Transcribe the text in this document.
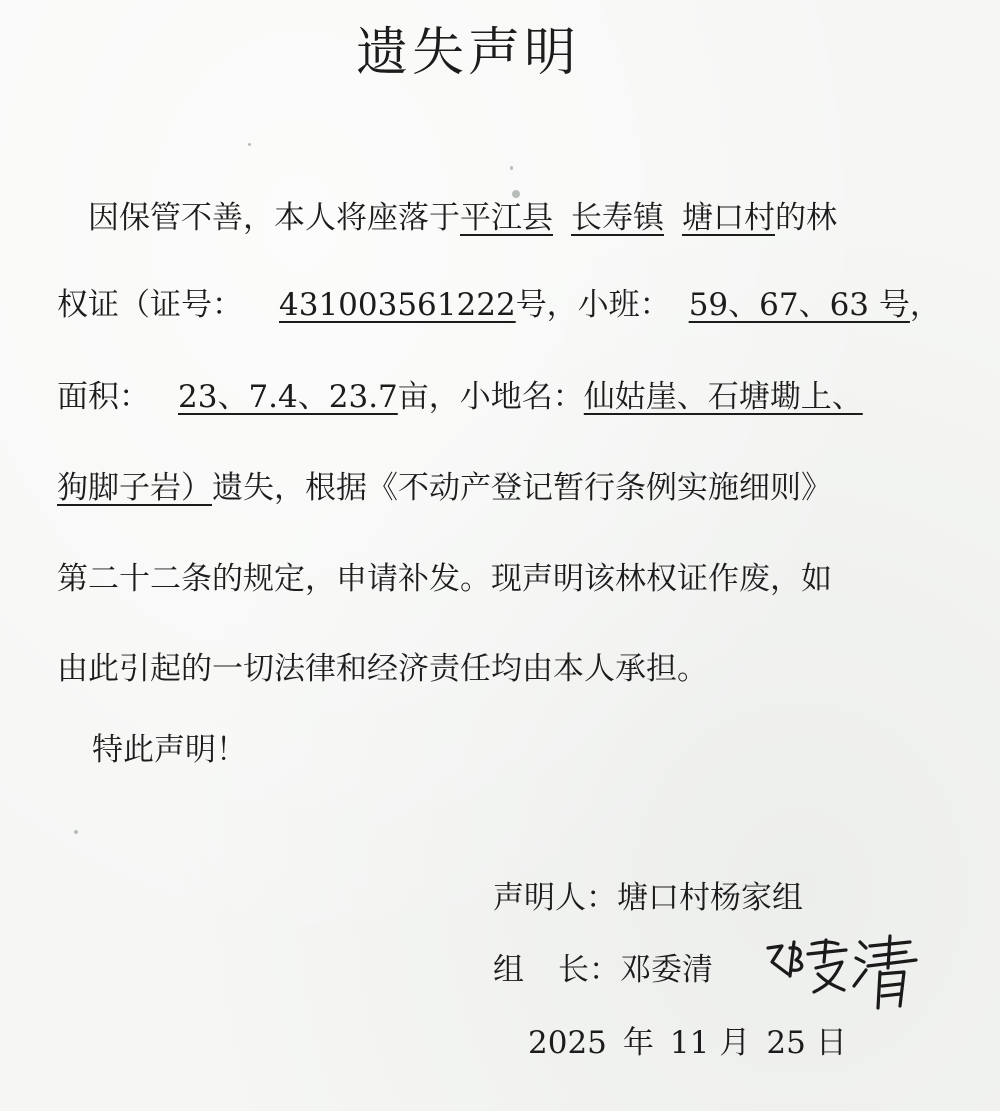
遗失声明
因保管不善，本人将座落于平江县 长寿镇 塘口村的林
权证（证号： 431003561222号，小班： 59、67、63 号，
面积： 23、7.4、23.7亩，小地名：仙姑崖、石塘墈上、
狗脚子岩）遗失，根据《不动产登记暂行条例实施细则》
第二十二条的规定，申请补发。现声明该林权证作废，如
由此引起的一切法律和经济责任均由本人承担。
特此声明！
声明人：塘口村杨家组
组 长：邓委清
2025 年 11 月 25 日
